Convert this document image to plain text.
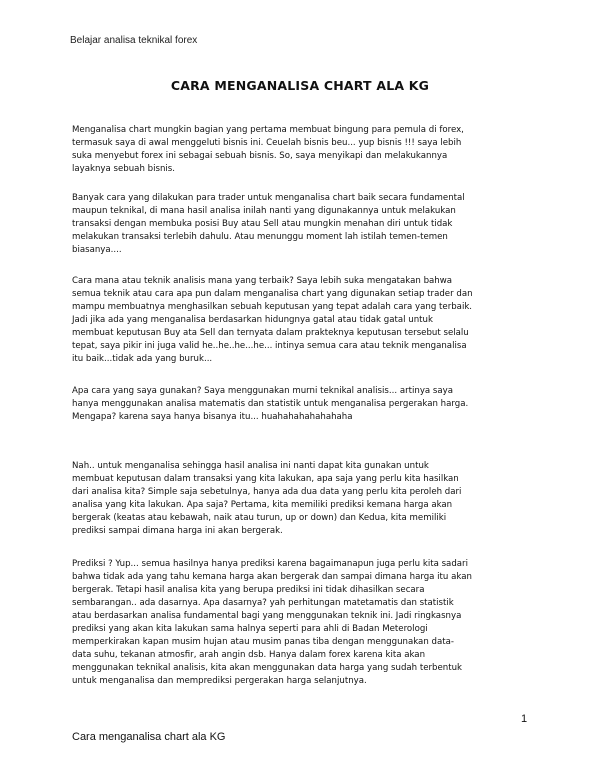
Belajar analisa teknikal forex
CARA MENGANALISA CHART ALA KG

Menganalisa chart mungkin bagian yang pertama membuat bingung para pemula di forex,
termasuk saya di awal menggeluti bisnis ini. Ceuelah bisnis beu... yup bisnis !!! saya lebih
suka menyebut forex ini sebagai sebuah bisnis. So, saya menyikapi dan melakukannya
layaknya sebuah bisnis.

Banyak cara yang dilakukan para trader untuk menganalisa chart baik secara fundamental
maupun teknikal, di mana hasil analisa inilah nanti yang digunakannya untuk melakukan
transaksi dengan membuka posisi Buy atau Sell atau mungkin menahan diri untuk tidak
melakukan transaksi terlebih dahulu. Atau menunggu moment lah istilah temen-temen
biasanya....

Cara mana atau teknik analisis mana yang terbaik? Saya lebih suka mengatakan bahwa
semua teknik atau cara apa pun dalam menganalisa chart yang digunakan setiap trader dan
mampu membuatnya menghasilkan sebuah keputusan yang tepat adalah cara yang terbaik.
Jadi jika ada yang menganalisa berdasarkan hidungnya gatal atau tidak gatal untuk
membuat keputusan Buy ata Sell dan ternyata dalam prakteknya keputusan tersebut selalu
tepat, saya pikir ini juga valid he..he..he...he... intinya semua cara atau teknik menganalisa
itu baik...tidak ada yang buruk...

Apa cara yang saya gunakan? Saya menggunakan murni teknikal analisis... artinya saya
hanya menggunakan analisa matematis dan statistik untuk menganalisa pergerakan harga.
Mengapa? karena saya hanya bisanya itu... huahahahahahahaha

Nah.. untuk menganalisa sehingga hasil analisa ini nanti dapat kita gunakan untuk
membuat keputusan dalam transaksi yang kita lakukan, apa saja yang perlu kita hasilkan
dari analisa kita? Simple saja sebetulnya, hanya ada dua data yang perlu kita peroleh dari
analisa yang kita lakukan. Apa saja? Pertama, kita memiliki prediksi kemana harga akan
bergerak (keatas atau kebawah, naik atau turun, up or down) dan Kedua, kita memiliki
prediksi sampai dimana harga ini akan bergerak.

Prediksi ? Yup... semua hasilnya hanya prediksi karena bagaimanapun juga perlu kita sadari
bahwa tidak ada yang tahu kemana harga akan bergerak dan sampai dimana harga itu akan
bergerak. Tetapi hasil analisa kita yang berupa prediksi ini tidak dihasilkan secara
sembarangan.. ada dasarnya. Apa dasarnya? yah perhitungan matetamatis dan statistik
atau berdasarkan analisa fundamental bagi yang menggunakan teknik ini. Jadi ringkasnya
prediksi yang akan kita lakukan sama halnya seperti para ahli di Badan Meterologi
memperkirakan kapan musim hujan atau musim panas tiba dengan menggunakan data-
data suhu, tekanan atmosfir, arah angin dsb. Hanya dalam forex karena kita akan
menggunakan teknikal analisis, kita akan menggunakan data harga yang sudah terbentuk
untuk menganalisa dan memprediksi pergerakan harga selanjutnya.

1
Cara menganalisa chart ala KG
